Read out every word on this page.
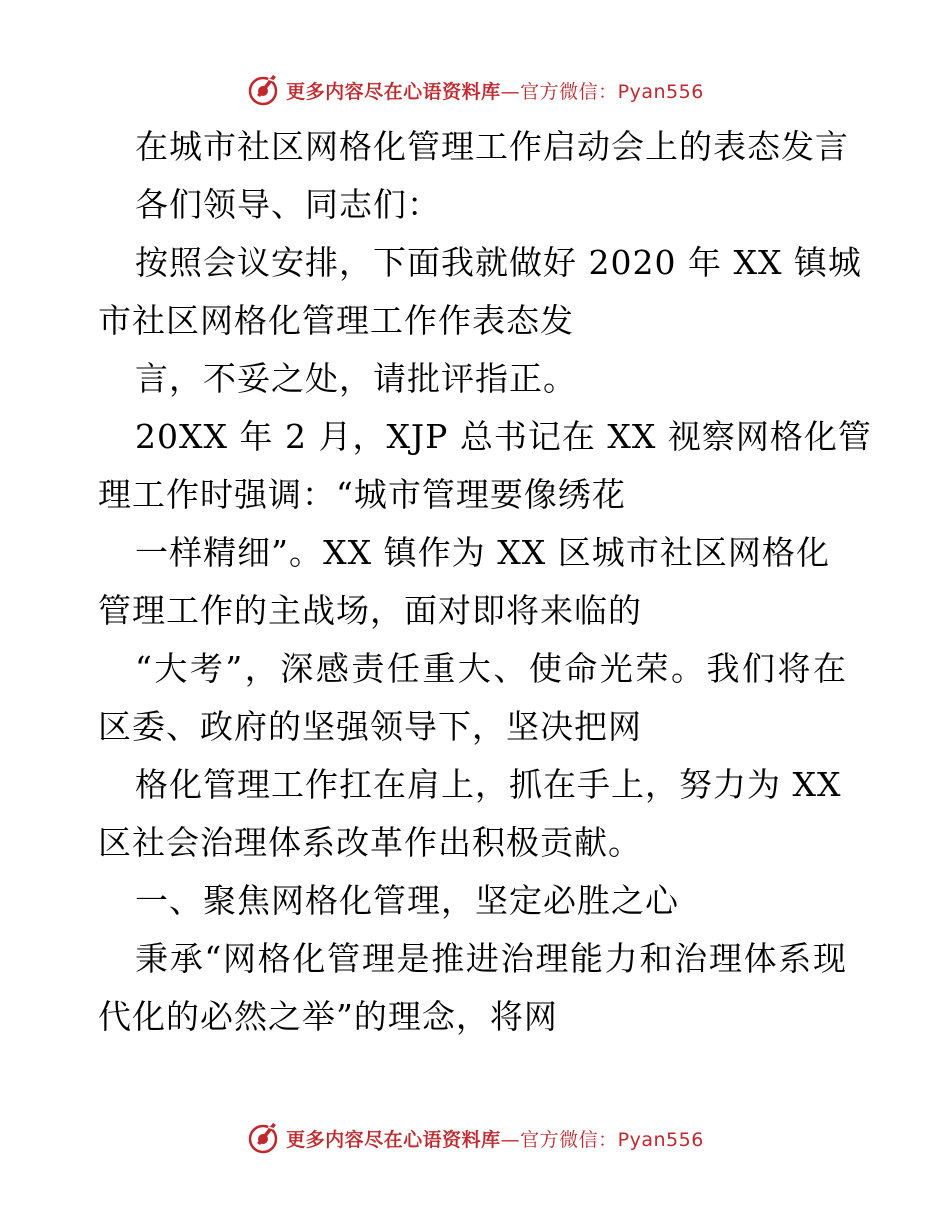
更多内容尽在心语资料库—官方微信：Pyan556
在城市社区网格化管理工作启动会上的表态发言
各们领导、同志们：
按照会议安排，下面我就做好 2020 年 XX 镇城
市社区网格化管理工作作表态发
言，不妥之处，请批评指正。
20XX 年 2 月，XJP 总书记在 XX 视察网格化管
理工作时强调：“城市管理要像绣花
一样精细”。XX 镇作为 XX 区城市社区网格化
管理工作的主战场，面对即将来临的
“大考”，深感责任重大、使命光荣。我们将在
区委、政府的坚强领导下，坚决把网
格化管理工作扛在肩上，抓在手上，努力为 XX
区社会治理体系改革作出积极贡献。
一、聚焦网格化管理，坚定必胜之心
秉承“网格化管理是推进治理能力和治理体系现
代化的必然之举”的理念，将网
更多内容尽在心语资料库—官方微信：Pyan556
